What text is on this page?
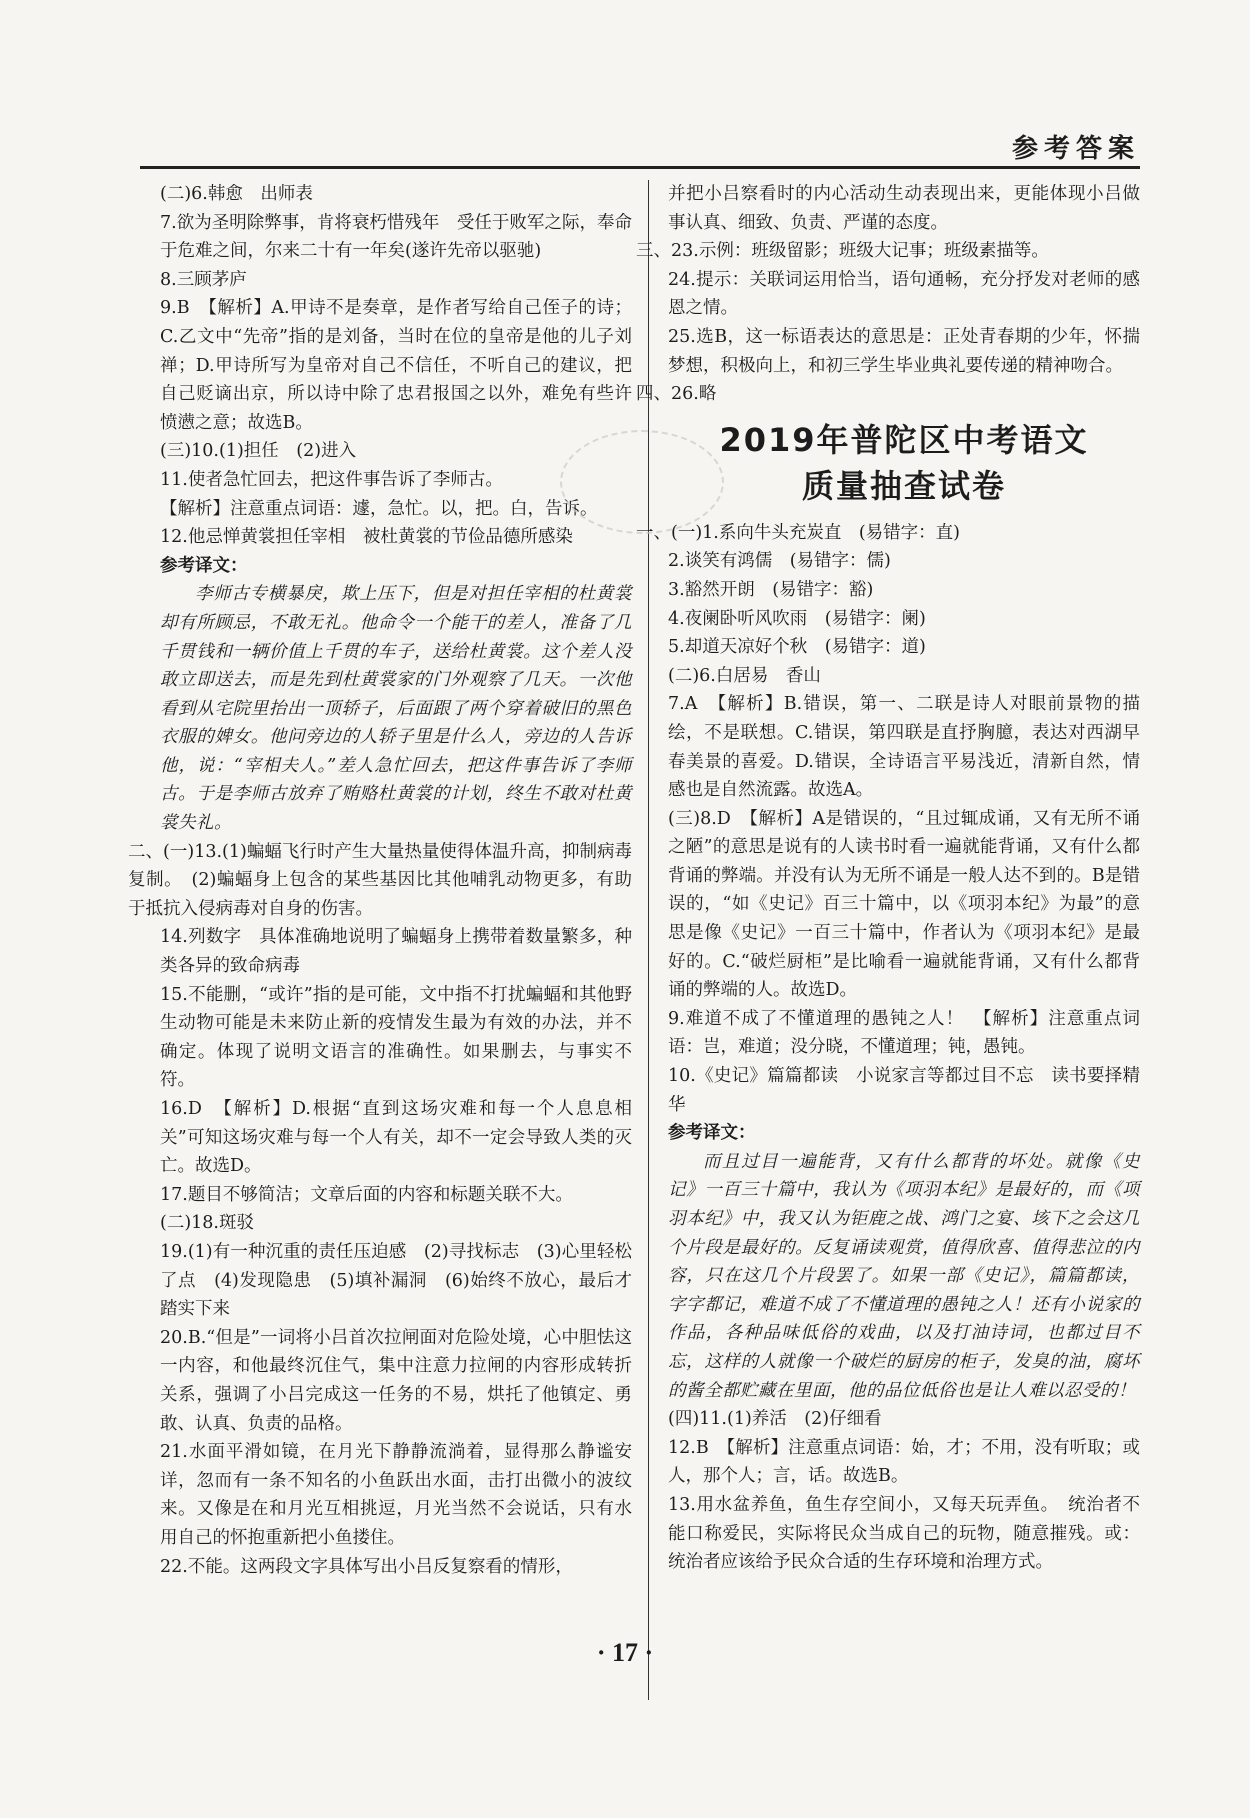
参考答案

(二)6.韩愈　出师表

7.欲为圣明除弊事，肯将衰朽惜残年　受任于败军之际，奉命于危难之间，尔来二十有一年矣(遂许先帝以驱驰)

8.三顾茅庐

9.B　【解析】A.甲诗不是奏章，是作者写给自己侄子的诗；C.乙文中“先帝”指的是刘备，当时在位的皇帝是他的儿子刘禅；D.甲诗所写为皇帝对自己不信任，不听自己的建议，把自己贬谪出京，所以诗中除了忠君报国之以外，难免有些许愤懑之意；故选B。

(三)10.(1)担任　(2)进入

11.使者急忙回去，把这件事告诉了李师古。

【解析】注意重点词语：遽，急忙。以，把。白，告诉。

12.他忌惮黄裳担任宰相　被杜黄裳的节俭品德所感染

参考译文：

李师古专横暴戾，欺上压下，但是对担任宰相的杜黄裳却有所顾忌，不敢无礼。他命令一个能干的差人，准备了几千贯钱和一辆价值上千贯的车子，送给杜黄裳。这个差人没敢立即送去，而是先到杜黄裳家的门外观察了几天。一次他看到从宅院里抬出一顶轿子，后面跟了两个穿着破旧的黑色衣服的婢女。他问旁边的人轿子里是什么人，旁边的人告诉他，说：“宰相夫人。”差人急忙回去，把这件事告诉了李师古。于是李师古放弃了贿赂杜黄裳的计划，终生不敢对杜黄裳失礼。

二、(一)13.(1)蝙蝠飞行时产生大量热量使得体温升高，抑制病毒复制。　(2)蝙蝠身上包含的某些基因比其他哺乳动物更多，有助于抵抗入侵病毒对自身的伤害。

14.列数字　具体准确地说明了蝙蝠身上携带着数量繁多，种类各异的致命病毒

15.不能删，“或许”指的是可能，文中指不打扰蝙蝠和其他野生动物可能是未来防止新的疫情发生最为有效的办法，并不确定。体现了说明文语言的准确性。如果删去，与事实不符。

16.D　【解析】D.根据“直到这场灾难和每一个人息息相关”可知这场灾难与每一个人有关，却不一定会导致人类的灭亡。故选D。

17.题目不够简洁；文章后面的内容和标题关联不大。

(二)18.斑驳

19.(1)有一种沉重的责任压迫感　(2)寻找标志　(3)心里轻松了点　(4)发现隐患　(5)填补漏洞　(6)始终不放心，最后才踏实下来

20.B.“但是”一词将小吕首次拉闸面对危险处境，心中胆怯这一内容，和他最终沉住气，集中注意力拉闸的内容形成转折关系，强调了小吕完成这一任务的不易，烘托了他镇定、勇敢、认真、负责的品格。

21.水面平滑如镜，在月光下静静流淌着，显得那么静谧安详，忽而有一条不知名的小鱼跃出水面，击打出微小的波纹来。又像是在和月光互相挑逗，月光当然不会说话，只有水用自己的怀抱重新把小鱼搂住。

22.不能。这两段文字具体写出小吕反复察看的情形，

并把小吕察看时的内心活动生动表现出来，更能体现小吕做事认真、细致、负责、严谨的态度。

三、23.示例：班级留影；班级大记事；班级素描等。

24.提示：关联词运用恰当，语句通畅，充分抒发对老师的感恩之情。

25.选B，这一标语表达的意思是：正处青春期的少年，怀揣梦想，积极向上，和初三学生毕业典礼要传递的精神吻合。

四、26.略

2019年普陀区中考语文
质量抽查试卷

一、(一)1.系向牛头充炭直　(易错字：直)

2.谈笑有鸿儒　(易错字：儒)

3.豁然开朗　(易错字：豁)

4.夜阑卧听风吹雨　(易错字：阑)

5.却道天凉好个秋　(易错字：道)

(二)6.白居易　香山

7.A　【解析】B.错误，第一、二联是诗人对眼前景物的描绘，不是联想。C.错误，第四联是直抒胸臆，表达对西湖早春美景的喜爱。D.错误，全诗语言平易浅近，清新自然，情感也是自然流露。故选A。

(三)8.D　【解析】A是错误的，“且过辄成诵，又有无所不诵之陋”的意思是说有的人读书时看一遍就能背诵，又有什么都背诵的弊端。并没有认为无所不诵是一般人达不到的。B是错误的，“如《史记》百三十篇中，以《项羽本纪》为最”的意思是像《史记》一百三十篇中，作者认为《项羽本纪》是最好的。C.“破烂厨柜”是比喻看一遍就能背诵，又有什么都背诵的弊端的人。故选D。

9.难道不成了不懂道理的愚钝之人！　【解析】注意重点词语：岂，难道；没分晓，不懂道理；钝，愚钝。

10.《史记》篇篇都读　小说家言等都过目不忘　读书要择精华

参考译文：

而且过目一遍能背，又有什么都背的坏处。就像《史记》一百三十篇中，我认为《项羽本纪》是最好的，而《项羽本纪》中，我又认为钜鹿之战、鸿门之宴、垓下之会这几个片段是最好的。反复诵读观赏，值得欣喜、值得悲泣的内容，只在这几个片段罢了。如果一部《史记》，篇篇都读，字字都记，难道不成了不懂道理的愚钝之人！还有小说家的作品，各种品味低俗的戏曲，以及打油诗词，也都过目不忘，这样的人就像一个破烂的厨房的柜子，发臭的油，腐坏的酱全都贮藏在里面，他的品位低俗也是让人难以忍受的！

(四)11.(1)养活　(2)仔细看

12.B　【解析】注意重点词语：始，才；不用，没有听取；或人，那个人；言，话。故选B。

13.用水盆养鱼，鱼生存空间小，又每天玩弄鱼。　统治者不能口称爱民，实际将民众当成自己的玩物，随意摧残。或：统治者应该给予民众合适的生存环境和治理方式。

· 17 ·
